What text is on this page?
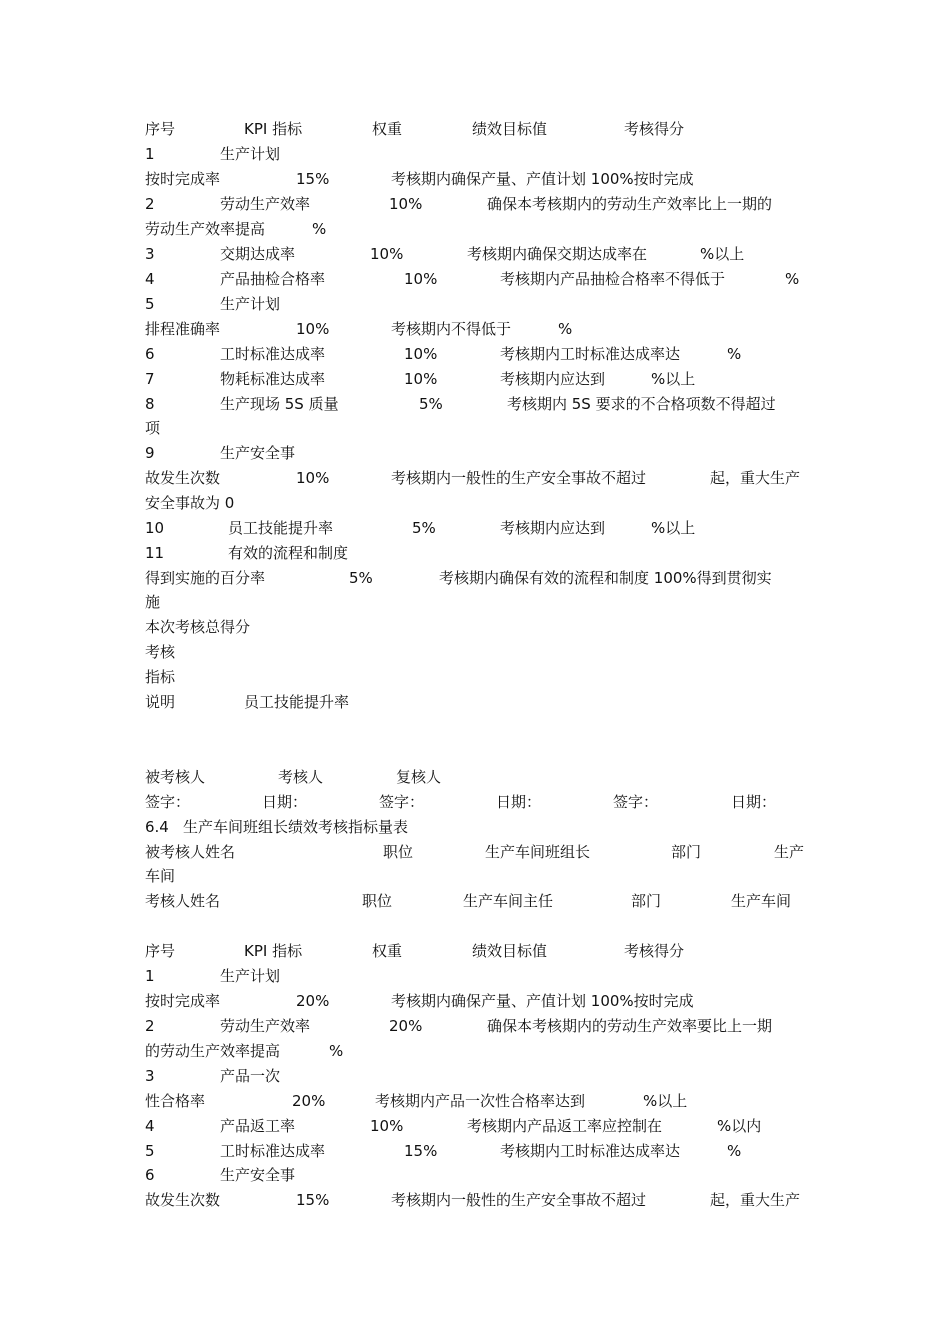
序号	KPI 指标	权重	绩效目标值	考核得分
1	生产计划
按时完成率	15%	考核期内确保产量、产值计划 100%按时完成
2	劳动生产效率	10%	确保本考核期内的劳动生产效率比上一期的
劳动生产效率提高	%
3	交期达成率	10%	考核期内确保交期达成率在	%以上
4	产品抽检合格率	10%	考核期内产品抽检合格率不得低于	%
5	生产计划
排程准确率	10%	考核期内不得低于	%
6	工时标准达成率	10%	考核期内工时标准达成率达	%
7	物耗标准达成率	10%	考核期内应达到	%以上
8	生产现场 5S 质量	5%	考核期内 5S 要求的不合格项数不得超过
项
9	生产安全事
故发生次数	10%	考核期内一般性的生产安全事故不超过	起，重大生产
安全事故为 0
10	员工技能提升率	5%	考核期内应达到	%以上
11	有效的流程和制度
得到实施的百分率	5%	考核期内确保有效的流程和制度 100%得到贯彻实
施
本次考核总得分
考核
指标
说明	员工技能提升率
被考核人	考核人	复核人
签字：	日期：	签字：	日期：	签字：	日期：
6.4 生产车间班组长绩效考核指标量表
被考核人姓名	职位	生产车间班组长	部门	生产
车间
考核人姓名	职位	生产车间主任	部门	生产车间
序号	KPI 指标	权重	绩效目标值	考核得分
1	生产计划
按时完成率	20%	考核期内确保产量、产值计划 100%按时完成
2	劳动生产效率	20%	确保本考核期内的劳动生产效率要比上一期
的劳动生产效率提高	%
3	产品一次
性合格率	20%	考核期内产品一次性合格率达到	%以上
4	产品返工率	10%	考核期内产品返工率应控制在	%以内
5	工时标准达成率	15%	考核期内工时标准达成率达	%
6	生产安全事
故发生次数	15%	考核期内一般性的生产安全事故不超过	起，重大生产
